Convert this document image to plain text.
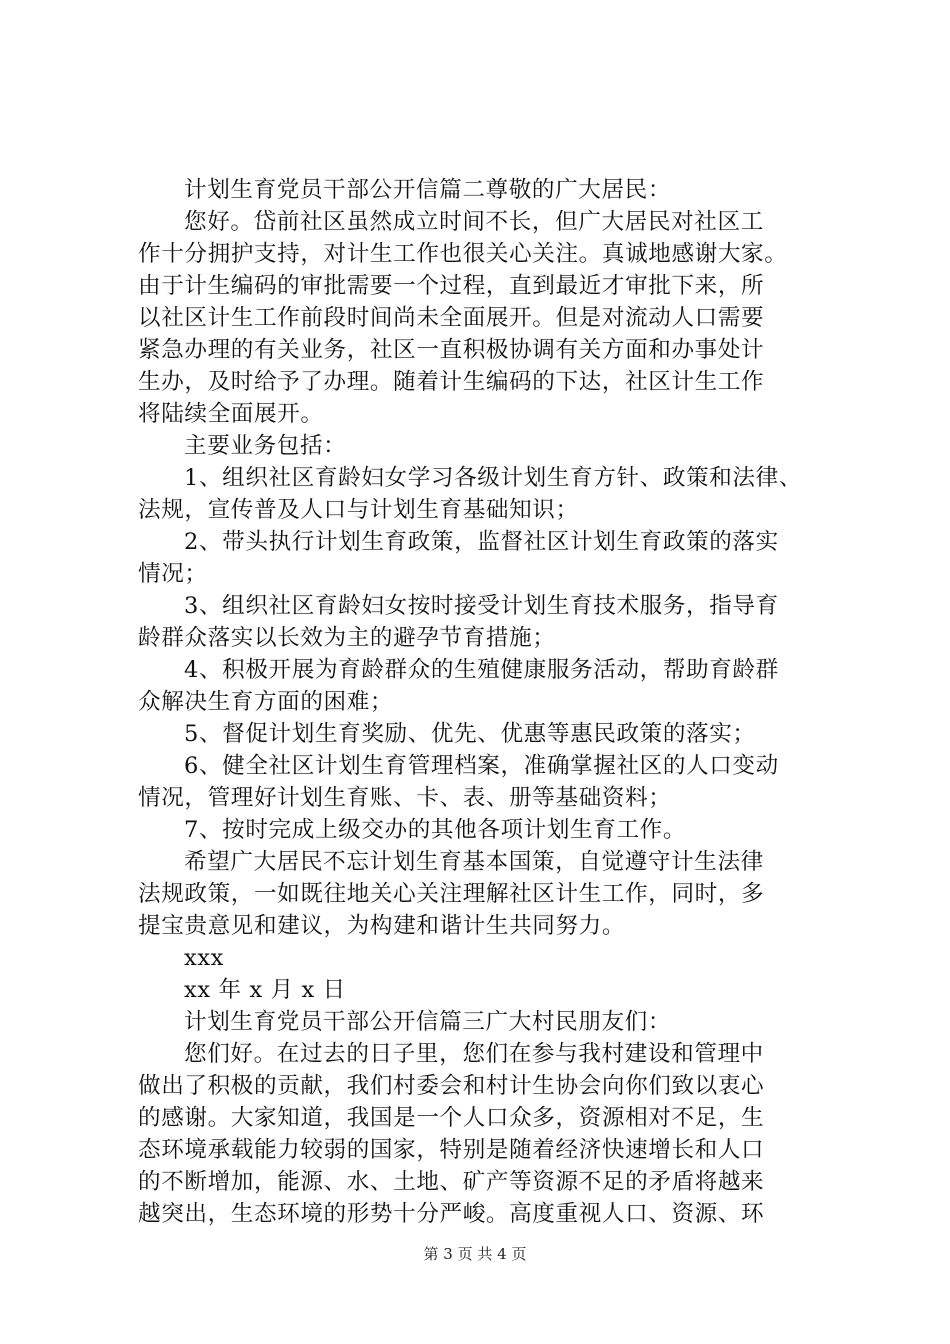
计划生育党员干部公开信篇二尊敬的广大居民：
您好。岱前社区虽然成立时间不长，但广大居民对社区工
作十分拥护支持，对计生工作也很关心关注。真诚地感谢大家。
由于计生编码的审批需要一个过程，直到最近才审批下来，所
以社区计生工作前段时间尚未全面展开。但是对流动人口需要
紧急办理的有关业务，社区一直积极协调有关方面和办事处计
生办，及时给予了办理。随着计生编码的下达，社区计生工作
将陆续全面展开。
主要业务包括：
1、组织社区育龄妇女学习各级计划生育方针、政策和法律、
法规，宣传普及人口与计划生育基础知识；
2、带头执行计划生育政策，监督社区计划生育政策的落实
情况；
3、组织社区育龄妇女按时接受计划生育技术服务，指导育
龄群众落实以长效为主的避孕节育措施；
4、积极开展为育龄群众的生殖健康服务活动，帮助育龄群
众解决生育方面的困难；
5、督促计划生育奖励、优先、优惠等惠民政策的落实；
6、健全社区计划生育管理档案，准确掌握社区的人口变动
情况，管理好计划生育账、卡、表、册等基础资料；
7、按时完成上级交办的其他各项计划生育工作。
希望广大居民不忘计划生育基本国策，自觉遵守计生法律
法规政策，一如既往地关心关注理解社区计生工作，同时，多
提宝贵意见和建议，为构建和谐计生共同努力。
xxx
xx 年 x 月 x 日
计划生育党员干部公开信篇三广大村民朋友们：
您们好。在过去的日子里，您们在参与我村建设和管理中
做出了积极的贡献，我们村委会和村计生协会向你们致以衷心
的感谢。大家知道，我国是一个人口众多，资源相对不足，生
态环境承载能力较弱的国家，特别是随着经济快速增长和人口
的不断增加，能源、水、土地、矿产等资源不足的矛盾将越来
越突出，生态环境的形势十分严峻。高度重视人口、资源、环
第 3 页 共 4 页
